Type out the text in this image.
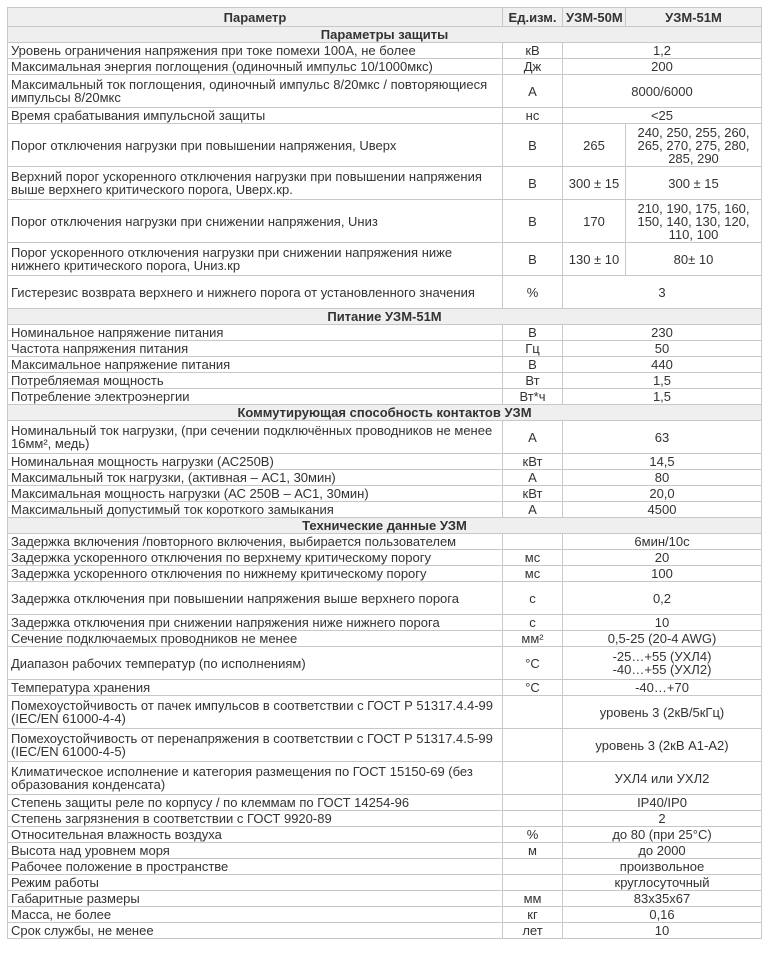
Параметр	Ед.изм.	УЗМ-50М	УЗМ-51М
Параметры защиты			
Уровень ограничения напряжения при токе помехи 100А, не более	кВ	1,2	
Максимальная энергия поглощения (одиночный импульс 10/1000мкс)	Дж	200	
Максимальный ток поглощения, одиночный импульс 8/20мкс / повторяющиеся импульсы 8/20мкс	А	8000/6000	
Время срабатывания импульсной защиты	нс	<25	
Порог отключения нагрузки при повышении напряжения, Uверх	В	265	240, 250, 255, 260, 265, 270, 275, 280, 285, 290
Верхний порог ускоренного отключения нагрузки при повышении напряжения выше верхнего критического порога, Uверх.кр.	В	300 ± 15	300 ± 15
Порог отключения нагрузки при снижении напряжения, Uниз	В	170	210, 190, 175, 160, 150, 140, 130, 120, 110, 100
Порог ускоренного отключения нагрузки при снижении напряжения ниже нижнего критического порога, Uниз.кр	В	130 ± 10	80± 10
Гистерезис возврата верхнего и нижнего порога от установленного значения	%	3	
Питание УЗМ-51М			
Номинальное напряжение питания	В	230	
Частота напряжения питания	Гц	50	
Максимальное напряжение питания	В	440	
Потребляемая мощность	Вт	1,5	
Потребление электроэнергии	Вт*ч	1,5	
Коммутирующая способность контактов УЗМ			
Номинальный ток нагрузки, (при сечении подключённых проводников не менее 16мм², медь)	А	63	
Номинальная мощность нагрузки (АС250В)	кВт	14,5	
Максимальный ток нагрузки, (активная – АС1, 30мин)	А	80	
Максимальная мощность нагрузки (АС 250В – АС1, 30мин)	кВт	20,0	
Максимальный допустимый ток короткого замыкания	А	4500	
Технические данные УЗМ			
Задержка включения /повторного включения, выбирается пользователем		6мин/10с	
Задержка ускоренного отключения по верхнему критическому порогу	мс	20	
Задержка ускоренного отключения по нижнему критическому порогу	мс	100	
Задержка отключения при повышении напряжения выше верхнего порога	с	0,2	
Задержка отключения при снижении напряжения ниже нижнего порога	с	10	
Сечение подключаемых проводников не менее	мм²	0,5-25 (20-4 AWG)	
Диапазон рабочих температур (по исполнениям)	°С	-25…+55 (УХЛ4)
-40…+55 (УХЛ2)	
Температура хранения	°С	-40…+70	
Помехоустойчивость от пачек импульсов в соответствии с ГОСТ Р 51317.4.4-99 (IEC/EN 61000-4-4)		уровень 3 (2кВ/5кГц)	
Помехоустойчивость от перенапряжения в соответствии с ГОСТ Р 51317.4.5-99 (IEC/EN 61000-4-5)		уровень 3 (2кВ А1-А2)	
Климатическое исполнение и категория размещения по ГОСТ 15150-69 (без образования конденсата)		УХЛ4 или УХЛ2	
Степень защиты реле по корпусу / по клеммам по ГОСТ 14254-96		IP40/IP0	
Степень загрязнения в соответствии с ГОСТ 9920-89		2	
Относительная влажность воздуха	%	до 80 (при 25°С)	
Высота над уровнем моря	м	до 2000	
Рабочее положение в пространстве		произвольное	
Режим работы		круглосуточный	
Габаритные размеры	мм	83х35х67	
Масса, не более	кг	0,16	
Срок службы, не менее	лет	10	
